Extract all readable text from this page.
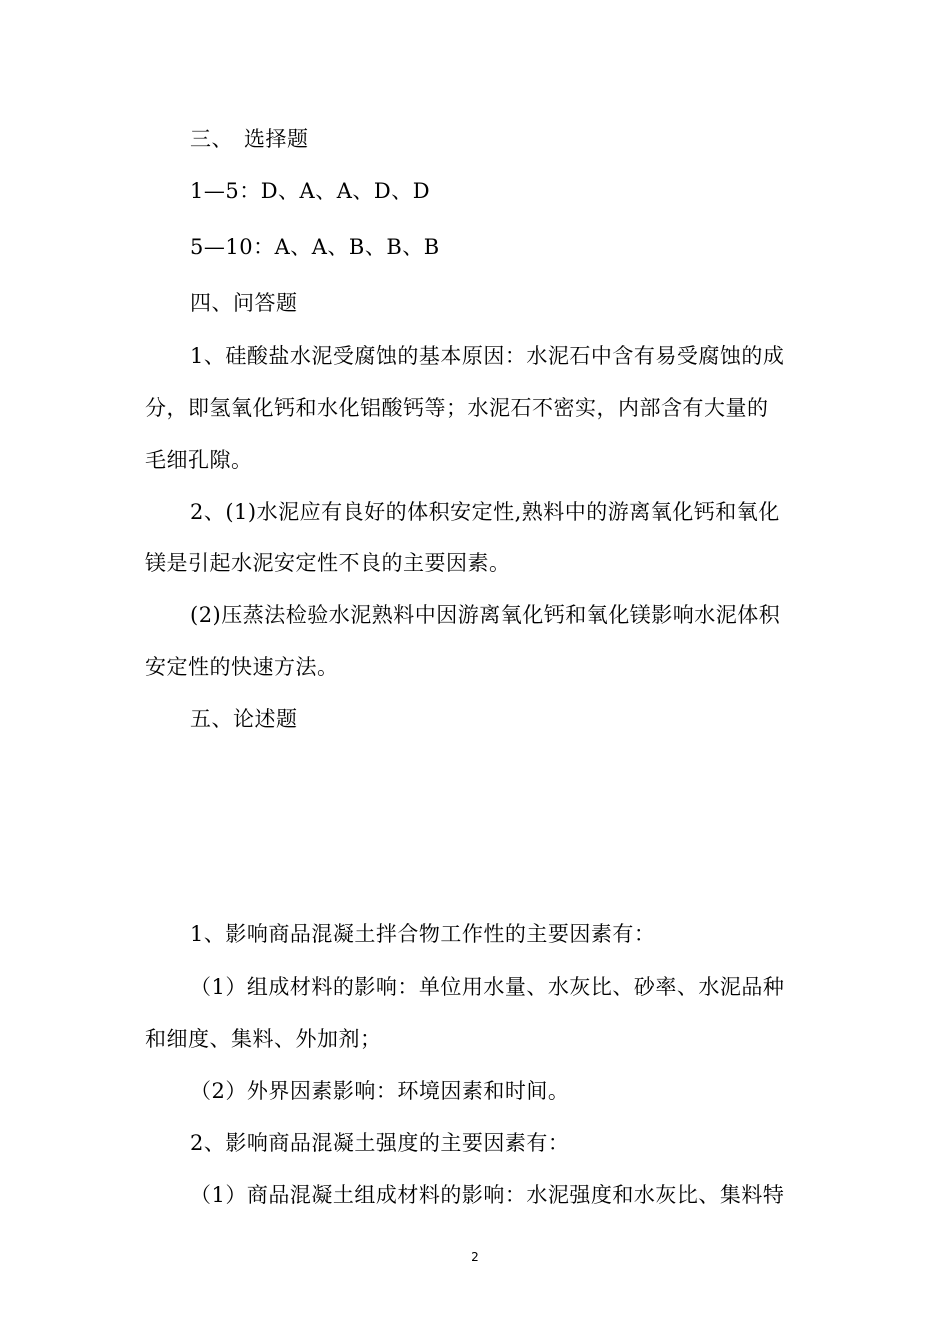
三、　选择题
1—5：D、A、A、D、D
5—10：A、A、B、B、B
四、问答题
1、硅酸盐水泥受腐蚀的基本原因：水泥石中含有易受腐蚀的成
分，即氢氧化钙和水化铝酸钙等；水泥石不密实，内部含有大量的
毛细孔隙。
2、(1)水泥应有良好的体积安定性,熟料中的游离氧化钙和氧化
镁是引起水泥安定性不良的主要因素。
(2)压蒸法检验水泥熟料中因游离氧化钙和氧化镁影响水泥体积
安定性的快速方法。
五、论述题
1、影响商品混凝土拌合物工作性的主要因素有：
（1）组成材料的影响：单位用水量、水灰比、砂率、水泥品种
和细度、集料、外加剂；
（2）外界因素影响：环境因素和时间。
2、影响商品混凝土强度的主要因素有：
（1）商品混凝土组成材料的影响：水泥强度和水灰比、集料特
2
